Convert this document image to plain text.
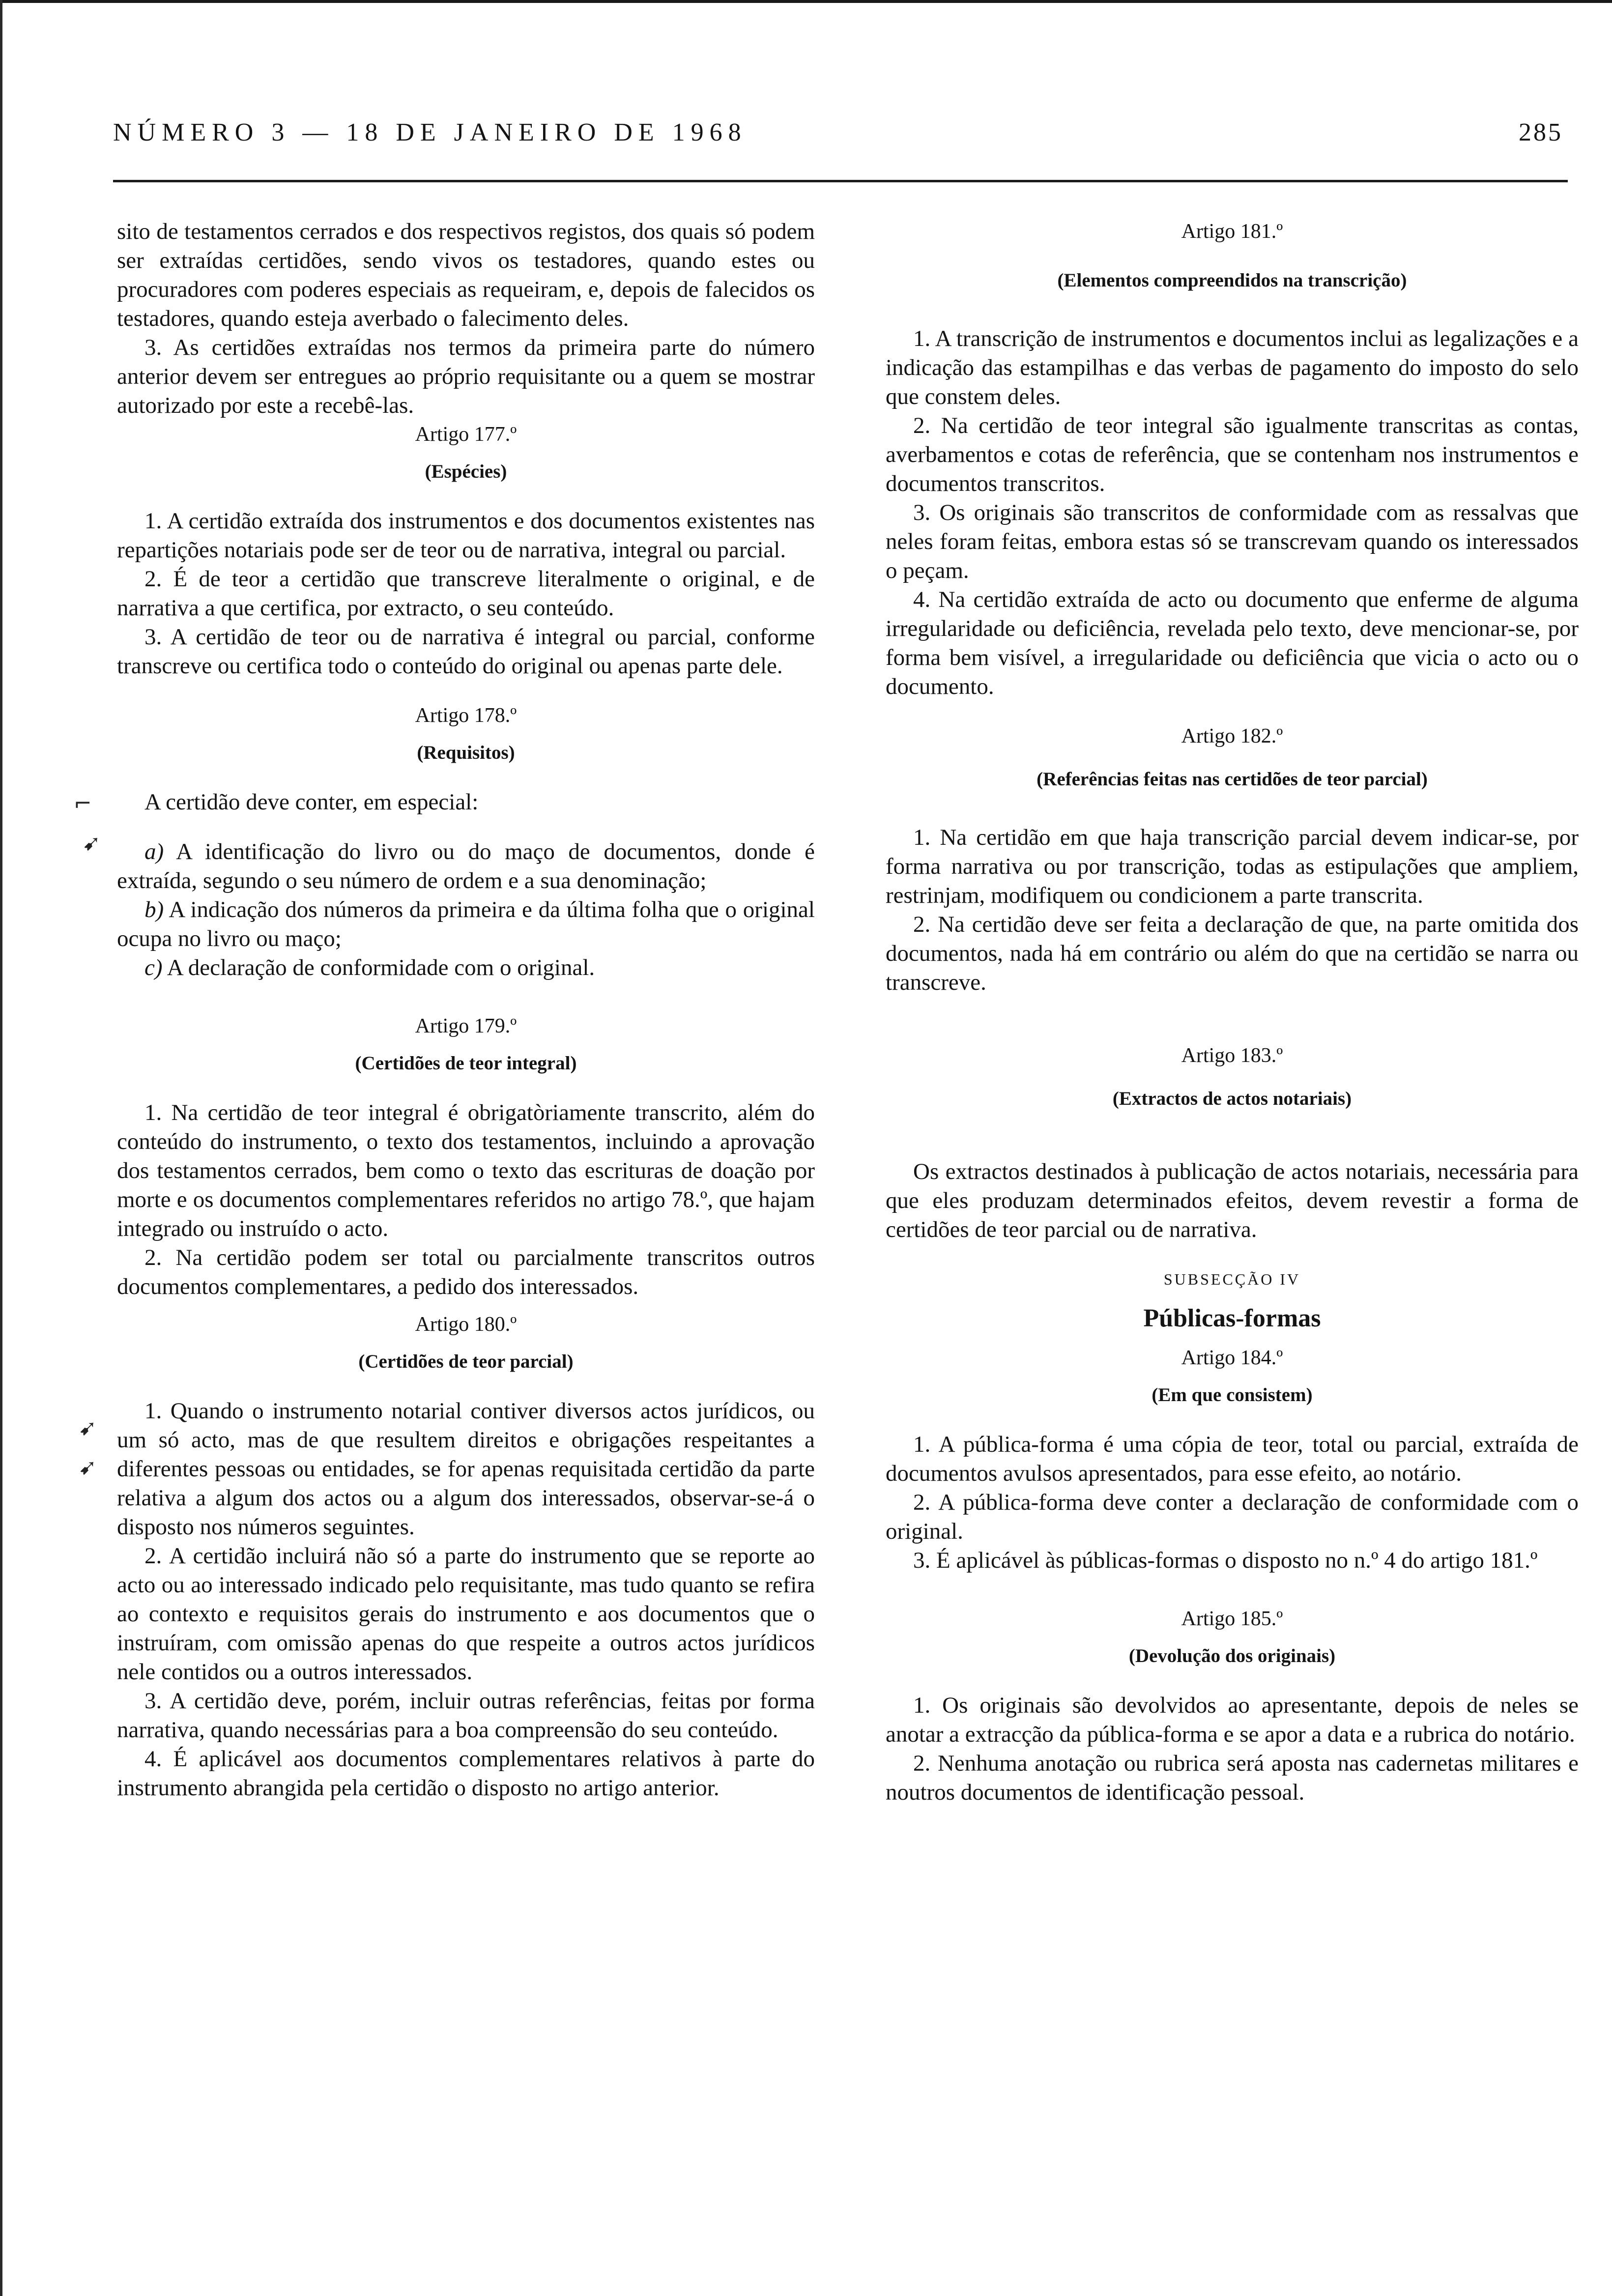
NÚMERO 3 — 18 DE JANEIRO DE 1968	285

sito de testamentos cerrados e dos respectivos registos, dos quais só podem ser extraídas certidões, sendo vivos os testadores, quando estes ou procuradores com poderes especiais as requeiram, e, depois de falecidos os testadores, quando esteja averbado o falecimento deles.

3. As certidões extraídas nos termos da primeira parte do número anterior devem ser entregues ao próprio requisitante ou a quem se mostrar autorizado por este a recebê-las.

Artigo 177.º
(Espécies)

1. A certidão extraída dos instrumentos e dos documentos existentes nas repartições notariais pode ser de teor ou de narrativa, integral ou parcial.

2. É de teor a certidão que transcreve literalmente o original, e de narrativa a que certifica, por extracto, o seu conteúdo.

3. A certidão de teor ou de narrativa é integral ou parcial, conforme transcreve ou certifica todo o conteúdo do original ou apenas parte dele.

Artigo 178.º
(Requisitos)

A certidão deve conter, em especial:

a) A identificação do livro ou do maço de documentos, donde é extraída, segundo o seu número de ordem e a sua denominação;

b) A indicação dos números da primeira e da última folha que o original ocupa no livro ou maço;

c) A declaração de conformidade com o original.

Artigo 179.º
(Certidões de teor integral)

1. Na certidão de teor integral é obrigatòriamente transcrito, além do conteúdo do instrumento, o texto dos testamentos, incluindo a aprovação dos testamentos cerrados, bem como o texto das escrituras de doação por morte e os documentos complementares referidos no artigo 78.º, que hajam integrado ou instruído o acto.

2. Na certidão podem ser total ou parcialmente transcritos outros documentos complementares, a pedido dos interessados.

Artigo 180.º
(Certidões de teor parcial)

1. Quando o instrumento notarial contiver diversos actos jurídicos, ou um só acto, mas de que resultem direitos e obrigações respeitantes a diferentes pessoas ou entidades, se for apenas requisitada certidão da parte relativa a algum dos actos ou a algum dos interessados, observar-se-á o disposto nos números seguintes.

2. A certidão incluirá não só a parte do instrumento que se reporte ao acto ou ao interessado indicado pelo requisitante, mas tudo quanto se refira ao contexto e requisitos gerais do instrumento e aos documentos que o instruíram, com omissão apenas do que respeite a outros actos jurídicos nele contidos ou a outros interessados.

3. A certidão deve, porém, incluir outras referências, feitas por forma narrativa, quando necessárias para a boa compreensão do seu conteúdo.

4. É aplicável aos documentos complementares relativos à parte do instrumento abrangida pela certidão o disposto no artigo anterior.

⌐
➹
➹
➹
Artigo 181.º
(Elementos compreendidos na transcrição)

1. A transcrição de instrumentos e documentos inclui as legalizações e a indicação das estampilhas e das verbas de pagamento do imposto do selo que constem deles.

2. Na certidão de teor integral são igualmente transcritas as contas, averbamentos e cotas de referência, que se contenham nos instrumentos e documentos transcritos.

3. Os originais são transcritos de conformidade com as ressalvas que neles foram feitas, embora estas só se transcrevam quando os interessados o peçam.

4. Na certidão extraída de acto ou documento que enferme de alguma irregularidade ou deficiência, revelada pelo texto, deve mencionar-se, por forma bem visível, a irregularidade ou deficiência que vicia o acto ou o documento.

Artigo 182.º
(Referências feitas nas certidões de teor parcial)

1. Na certidão em que haja transcrição parcial devem indicar-se, por forma narrativa ou por transcrição, todas as estipulações que ampliem, restrinjam, modifiquem ou condicionem a parte transcrita.

2. Na certidão deve ser feita a declaração de que, na parte omitida dos documentos, nada há em contrário ou além do que na certidão se narra ou transcreve.

Artigo 183.º
(Extractos de actos notariais)

Os extractos destinados à publicação de actos notariais, necessária para que eles produzam determinados efeitos, devem revestir a forma de certidões de teor parcial ou de narrativa.

SUBSECÇÃO IV
Públicas-formas
Artigo 184.º
(Em que consistem)

1. A pública-forma é uma cópia de teor, total ou parcial, extraída de documentos avulsos apresentados, para esse efeito, ao notário.

2. A pública-forma deve conter a declaração de conformidade com o original.

3. É aplicável às públicas-formas o disposto no n.º 4 do artigo 181.º

Artigo 185.º
(Devolução dos originais)

1. Os originais são devolvidos ao apresentante, depois de neles se anotar a extracção da pública-forma e se apor a data e a rubrica do notário.

2. Nenhuma anotação ou rubrica será aposta nas cadernetas militares e noutros documentos de identificação pessoal.
